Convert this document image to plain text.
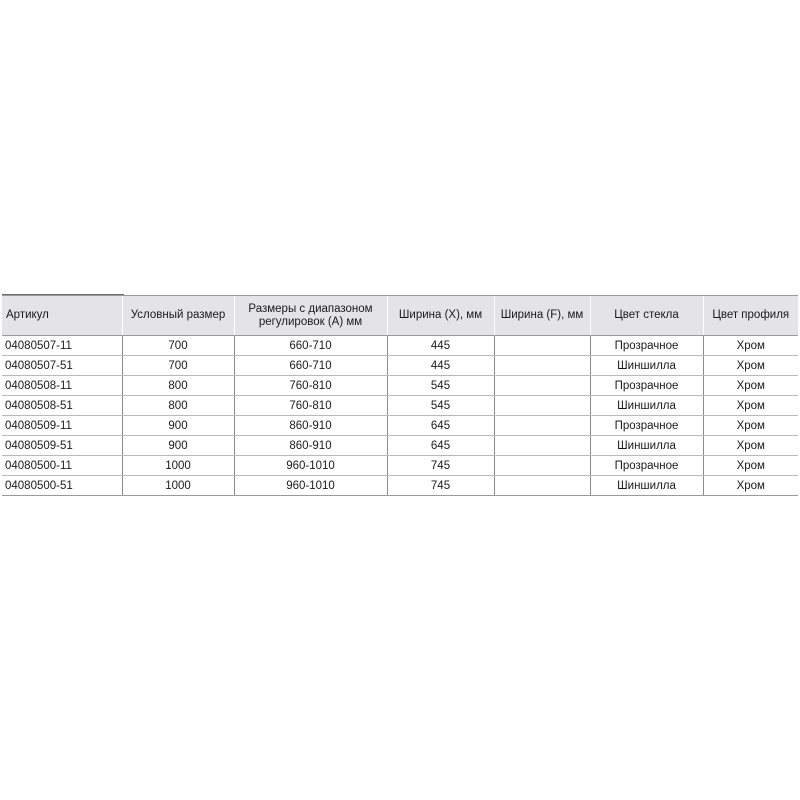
Артикул	Условный размер	Размеры с диапазоном регулировок (А) мм	Ширина (Х), мм	Ширина (F), мм	Цвет стекла	Цвет профиля
04080507-11	700	660-710	445		Прозрачное	Хром
04080507-51	700	660-710	445		Шиншилла	Хром
04080508-11	800	760-810	545		Прозрачное	Хром
04080508-51	800	760-810	545		Шиншилла	Хром
04080509-11	900	860-910	645		Прозрачное	Хром
04080509-51	900	860-910	645		Шиншилла	Хром
04080500-11	1000	960-1010	745		Прозрачное	Хром
04080500-51	1000	960-1010	745		Шиншилла	Хром
